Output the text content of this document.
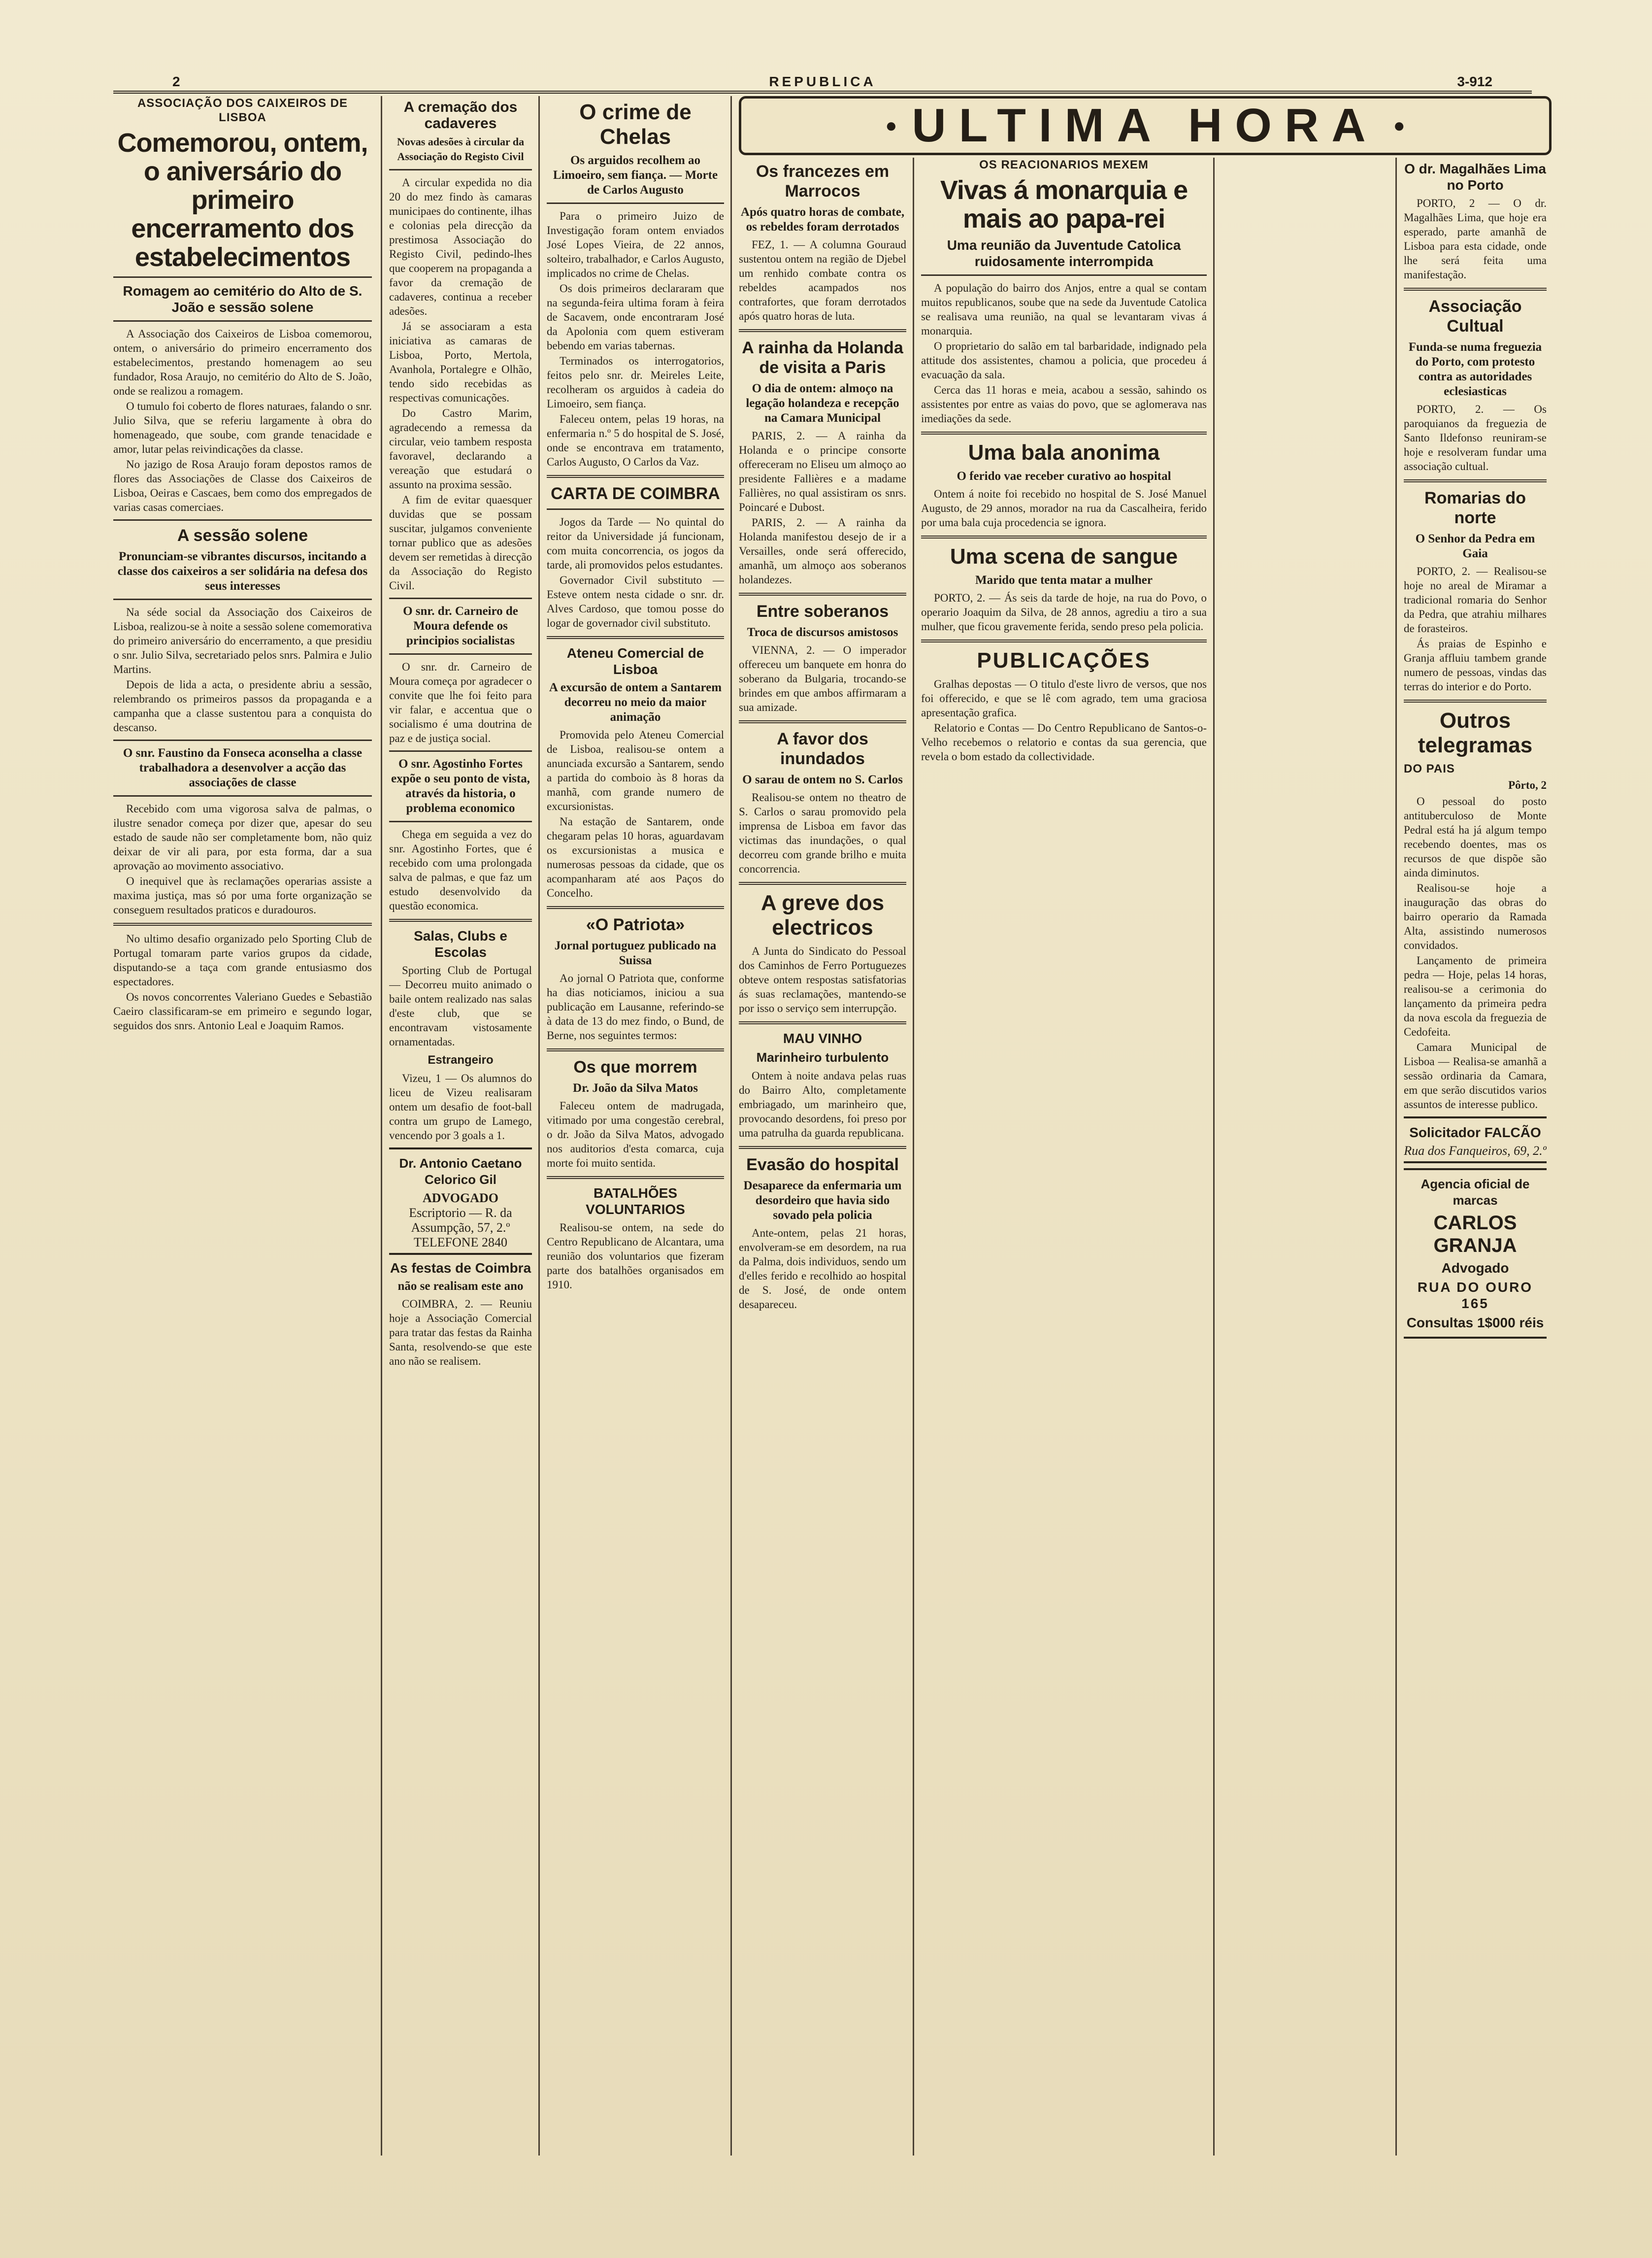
2	REPUBLICA	3-912
ASSOCIAÇÃO DOS CAIXEIROS DE LISBOA
Comemorou, ontem, o aniversário do primeiro encerramento dos estabelecimentos
Romagem ao cemitério do Alto de S. João e sessão solene

A Associação dos Caixeiros de Lisboa comemorou, ontem, o aniversário do primeiro encerramento dos estabelecimentos, prestando homenagem ao seu fundador, Rosa Araujo, no cemitério do Alto de S. João, onde se realizou a romagem.

O tumulo foi coberto de flores naturaes, falando o snr. Julio Silva, que se referiu largamente à obra do homenageado, que soube, com grande tenacidade e amor, lutar pelas reivindicações da classe.

No jazigo de Rosa Araujo foram depostos ramos de flores das Associações de Classe dos Caixeiros de Lisboa, Oeiras e Cascaes, bem como dos empregados de varias casas comerciaes.

A sessão solene
Pronunciam-se vibrantes discursos, incitando a classe dos caixeiros a ser solidária na defesa dos seus interesses

Na séde social da Associação dos Caixeiros de Lisboa, realizou-se à noite a sessão solene comemorativa do primeiro aniversário do encerramento, a que presidiu o snr. Julio Silva, secretariado pelos snrs. Palmira e Julio Martins.

Depois de lida a acta, o presidente abriu a sessão, relembrando os primeiros passos da propaganda e a campanha que a classe sustentou para a conquista do descanso.

O snr. Faustino da Fonseca aconselha a classe trabalhadora a desenvolver a acção das associações de classe

Recebido com uma vigorosa salva de palmas, o ilustre senador começa por dizer que, apesar do seu estado de saude não ser completamente bom, não quiz deixar de vir ali para, por esta forma, dar a sua aprovação ao movimento associativo.

O inequivel que às reclamações operarias assiste a maxima justiça, mas só por uma forte organização se conseguem resultados praticos e duradouros.

No ultimo desafio organizado pelo Sporting Club de Portugal tomaram parte varios grupos da cidade, disputando-se a taça com grande entusiasmo dos espectadores.

Os novos concorrentes Valeriano Guedes e Sebastião Caeiro classificaram-se em primeiro e segundo logar, seguidos dos snrs. Antonio Leal e Joaquim Ramos.

A cremação dos cadaveres
Novas adesões à circular da Associação do Registo Civil

A circular expedida no dia 20 do mez findo às camaras municipaes do continente, ilhas e colonias pela direcção da prestimosa Associação do Registo Civil, pedindo-lhes que cooperem na propaganda a favor da cremação de cadaveres, continua a receber adesões.

Já se associaram a esta iniciativa as camaras de Lisboa, Porto, Mertola, Avanhola, Portalegre e Olhão, tendo sido recebidas as respectivas comunicações.

Do Castro Marim, agradecendo a remessa da circular, veio tambem resposta favoravel, declarando a vereação que estudará o assunto na proxima sessão.

A fim de evitar quaesquer duvidas que se possam suscitar, julgamos conveniente tornar publico que as adesões devem ser remetidas à direcção da Associação do Registo Civil.

O snr. dr. Carneiro de Moura defende os principios socialistas

O snr. dr. Carneiro de Moura começa por agradecer o convite que lhe foi feito para vir falar, e accentua que o socialismo é uma doutrina de paz e de justiça social.

O snr. Agostinho Fortes expõe o seu ponto de vista, através da historia, o problema economico

Chega em seguida a vez do snr. Agostinho Fortes, que é recebido com uma prolongada salva de palmas, e que faz um estudo desenvolvido da questão economica.

Salas, Clubs e Escolas

Sporting Club de Portugal — Decorreu muito animado o baile ontem realizado nas salas d'este club, que se encontravam vistosamente ornamentadas.

Estrangeiro

Vizeu, 1 — Os alumnos do liceu de Vizeu realisaram ontem um desafio de foot-ball contra um grupo de Lamego, vencendo por 3 goals a 1.

Dr. Antonio Caetano Celorico Gil
ADVOGADO
Escriptorio — R. da Assumpção, 57, 2.º
TELEFONE 2840
As festas de Coimbra
não se realisam este ano

COIMBRA, 2. — Reuniu hoje a Associação Comercial para tratar das festas da Rainha Santa, resolvendo-se que este ano não se realisem.

O crime de Chelas
Os arguidos recolhem ao Limoeiro, sem fiança. — Morte de Carlos Augusto

Para o primeiro Juizo de Investigação foram ontem enviados José Lopes Vieira, de 22 annos, solteiro, trabalhador, e Carlos Augusto, implicados no crime de Chelas.

Os dois primeiros declararam que na segunda-feira ultima foram à feira de Sacavem, onde encontraram José da Apolonia com quem estiveram bebendo em varias tabernas.

Terminados os interrogatorios, feitos pelo snr. dr. Meireles Leite, recolheram os arguidos à cadeia do Limoeiro, sem fiança.

Faleceu ontem, pelas 19 horas, na enfermaria n.º 5 do hospital de S. José, onde se encontrava em tratamento, Carlos Augusto, O Carlos da Vaz.

CARTA DE COIMBRA

Jogos da Tarde — No quintal do reitor da Universidade já funcionam, com muita concorrencia, os jogos da tarde, ali promovidos pelos estudantes.

Governador Civil substituto — Esteve ontem nesta cidade o snr. dr. Alves Cardoso, que tomou posse do logar de governador civil substituto.

Ateneu Comercial de Lisboa
A excursão de ontem a Santarem decorreu no meio da maior animação

Promovida pelo Ateneu Comercial de Lisboa, realisou-se ontem a anunciada excursão a Santarem, sendo a partida do comboio às 8 horas da manhã, com grande numero de excursionistas.

Na estação de Santarem, onde chegaram pelas 10 horas, aguardavam os excursionistas a musica e numerosas pessoas da cidade, que os acompanharam até aos Paços do Concelho.

«O Patriota»
Jornal portuguez publicado na Suissa

Ao jornal O Patriota que, conforme ha dias noticiamos, iniciou a sua publicação em Lausanne, referindo-se à data de 13 do mez findo, o Bund, de Berne, nos seguintes termos:

Os que morrem
Dr. João da Silva Matos

Faleceu ontem de madrugada, vitimado por uma congestão cerebral, o dr. João da Silva Matos, advogado nos auditorios d'esta comarca, cuja morte foi muito sentida.

BATALHÕES VOLUNTARIOS

Realisou-se ontem, na sede do Centro Republicano de Alcantara, uma reunião dos voluntarios que fizeram parte dos batalhões organisados em 1910.

● ULTIMA HORA ●
Os francezes em Marrocos
Após quatro horas de combate, os rebeldes foram derrotados

FEZ, 1. — A columna Gouraud sustentou ontem na região de Djebel um renhido combate contra os rebeldes acampados nos contrafortes, que foram derrotados após quatro horas de luta.

A rainha da Holanda de visita a Paris
O dia de ontem: almoço na legação holandeza e recepção na Camara Municipal

PARIS, 2. — A rainha da Holanda e o principe consorte offereceram no Eliseu um almoço ao presidente Fallières e a madame Fallières, no qual assistiram os snrs. Poincaré e Dubost.

PARIS, 2. — A rainha da Holanda manifestou desejo de ir a Versailles, onde será offerecido, amanhã, um almoço aos soberanos holandezes.

Entre soberanos
Troca de discursos amistosos

VIENNA, 2. — O imperador offereceu um banquete em honra do soberano da Bulgaria, trocando-se brindes em que ambos affirmaram a sua amizade.

A favor dos inundados
O sarau de ontem no S. Carlos

Realisou-se ontem no theatro de S. Carlos o sarau promovido pela imprensa de Lisboa em favor das victimas das inundações, o qual decorreu com grande brilho e muita concorrencia.

A greve dos electricos

A Junta do Sindicato do Pessoal dos Caminhos de Ferro Portuguezes obteve ontem respostas satisfatorias ás suas reclamações, mantendo-se por isso o serviço sem interrupção.

MAU VINHO
Marinheiro turbulento

Ontem à noite andava pelas ruas do Bairro Alto, completamente embriagado, um marinheiro que, provocando desordens, foi preso por uma patrulha da guarda republicana.

Evasão do hospital
Desaparece da enfermaria um desordeiro que havia sido sovado pela policia

Ante-ontem, pelas 21 horas, envolveram-se em desordem, na rua da Palma, dois individuos, sendo um d'elles ferido e recolhido ao hospital de S. José, de onde ontem desapareceu.

OS REACIONARIOS MEXEM
Vivas á monarquia e mais ao papa-rei
Uma reunião da Juventude Catolica ruidosamente interrompida

A população do bairro dos Anjos, entre a qual se contam muitos republicanos, soube que na sede da Juventude Catolica se realisava uma reunião, na qual se levantaram vivas á monarquia.

O proprietario do salão em tal barbaridade, indignado pela attitude dos assistentes, chamou a policia, que procedeu á evacuação da sala.

Cerca das 11 horas e meia, acabou a sessão, sahindo os assistentes por entre as vaias do povo, que se aglomerava nas imediações da sede.

Uma bala anonima
O ferido vae receber curativo ao hospital

Ontem á noite foi recebido no hospital de S. José Manuel Augusto, de 29 annos, morador na rua da Cascalheira, ferido por uma bala cuja procedencia se ignora.

Uma scena de sangue
Marido que tenta matar a mulher

PORTO, 2. — Ás seis da tarde de hoje, na rua do Povo, o operario Joaquim da Silva, de 28 annos, agrediu a tiro a sua mulher, que ficou gravemente ferida, sendo preso pela policia.

PUBLICAÇÕES

Gralhas depostas — O titulo d'este livro de versos, que nos foi offerecido, e que se lê com agrado, tem uma graciosa apresentação grafica.

Relatorio e Contas — Do Centro Republicano de Santos-o-Velho recebemos o relatorio e contas da sua gerencia, que revela o bom estado da collectividade.

O dr. Magalhães Lima no Porto

PORTO, 2 — O dr. Magalhães Lima, que hoje era esperado, parte amanhã de Lisboa para esta cidade, onde lhe será feita uma manifestação.

Associação Cultual
Funda-se numa freguezia do Porto, com protesto contra as autoridades eclesiasticas

PORTO, 2. — Os paroquianos da freguezia de Santo Ildefonso reuniram-se hoje e resolveram fundar uma associação cultual.

Romarias do norte
O Senhor da Pedra em Gaia

PORTO, 2. — Realisou-se hoje no areal de Miramar a tradicional romaria do Senhor da Pedra, que atrahiu milhares de forasteiros.

Ás praias de Espinho e Granja affluiu tambem grande numero de pessoas, vindas das terras do interior e do Porto.

Outros telegramas
DO PAIS
Pôrto, 2

O pessoal do posto antituberculoso de Monte Pedral está ha já algum tempo recebendo doentes, mas os recursos de que dispõe são ainda diminutos.

Realisou-se hoje a inauguração das obras do bairro operario da Ramada Alta, assistindo numerosos convidados.

Lançamento de primeira pedra — Hoje, pelas 14 horas, realisou-se a cerimonia do lançamento da primeira pedra da nova escola da freguezia de Cedofeita.

Camara Municipal de Lisboa — Realisa-se amanhã a sessão ordinaria da Camara, em que serão discutidos varios assuntos de interesse publico.

Solicitador FALCÃO
Rua dos Fanqueiros, 69, 2.º
Agencia oficial de marcas
CARLOS GRANJA
Advogado
RUA DO OURO 165
Consultas 1$000 réis
